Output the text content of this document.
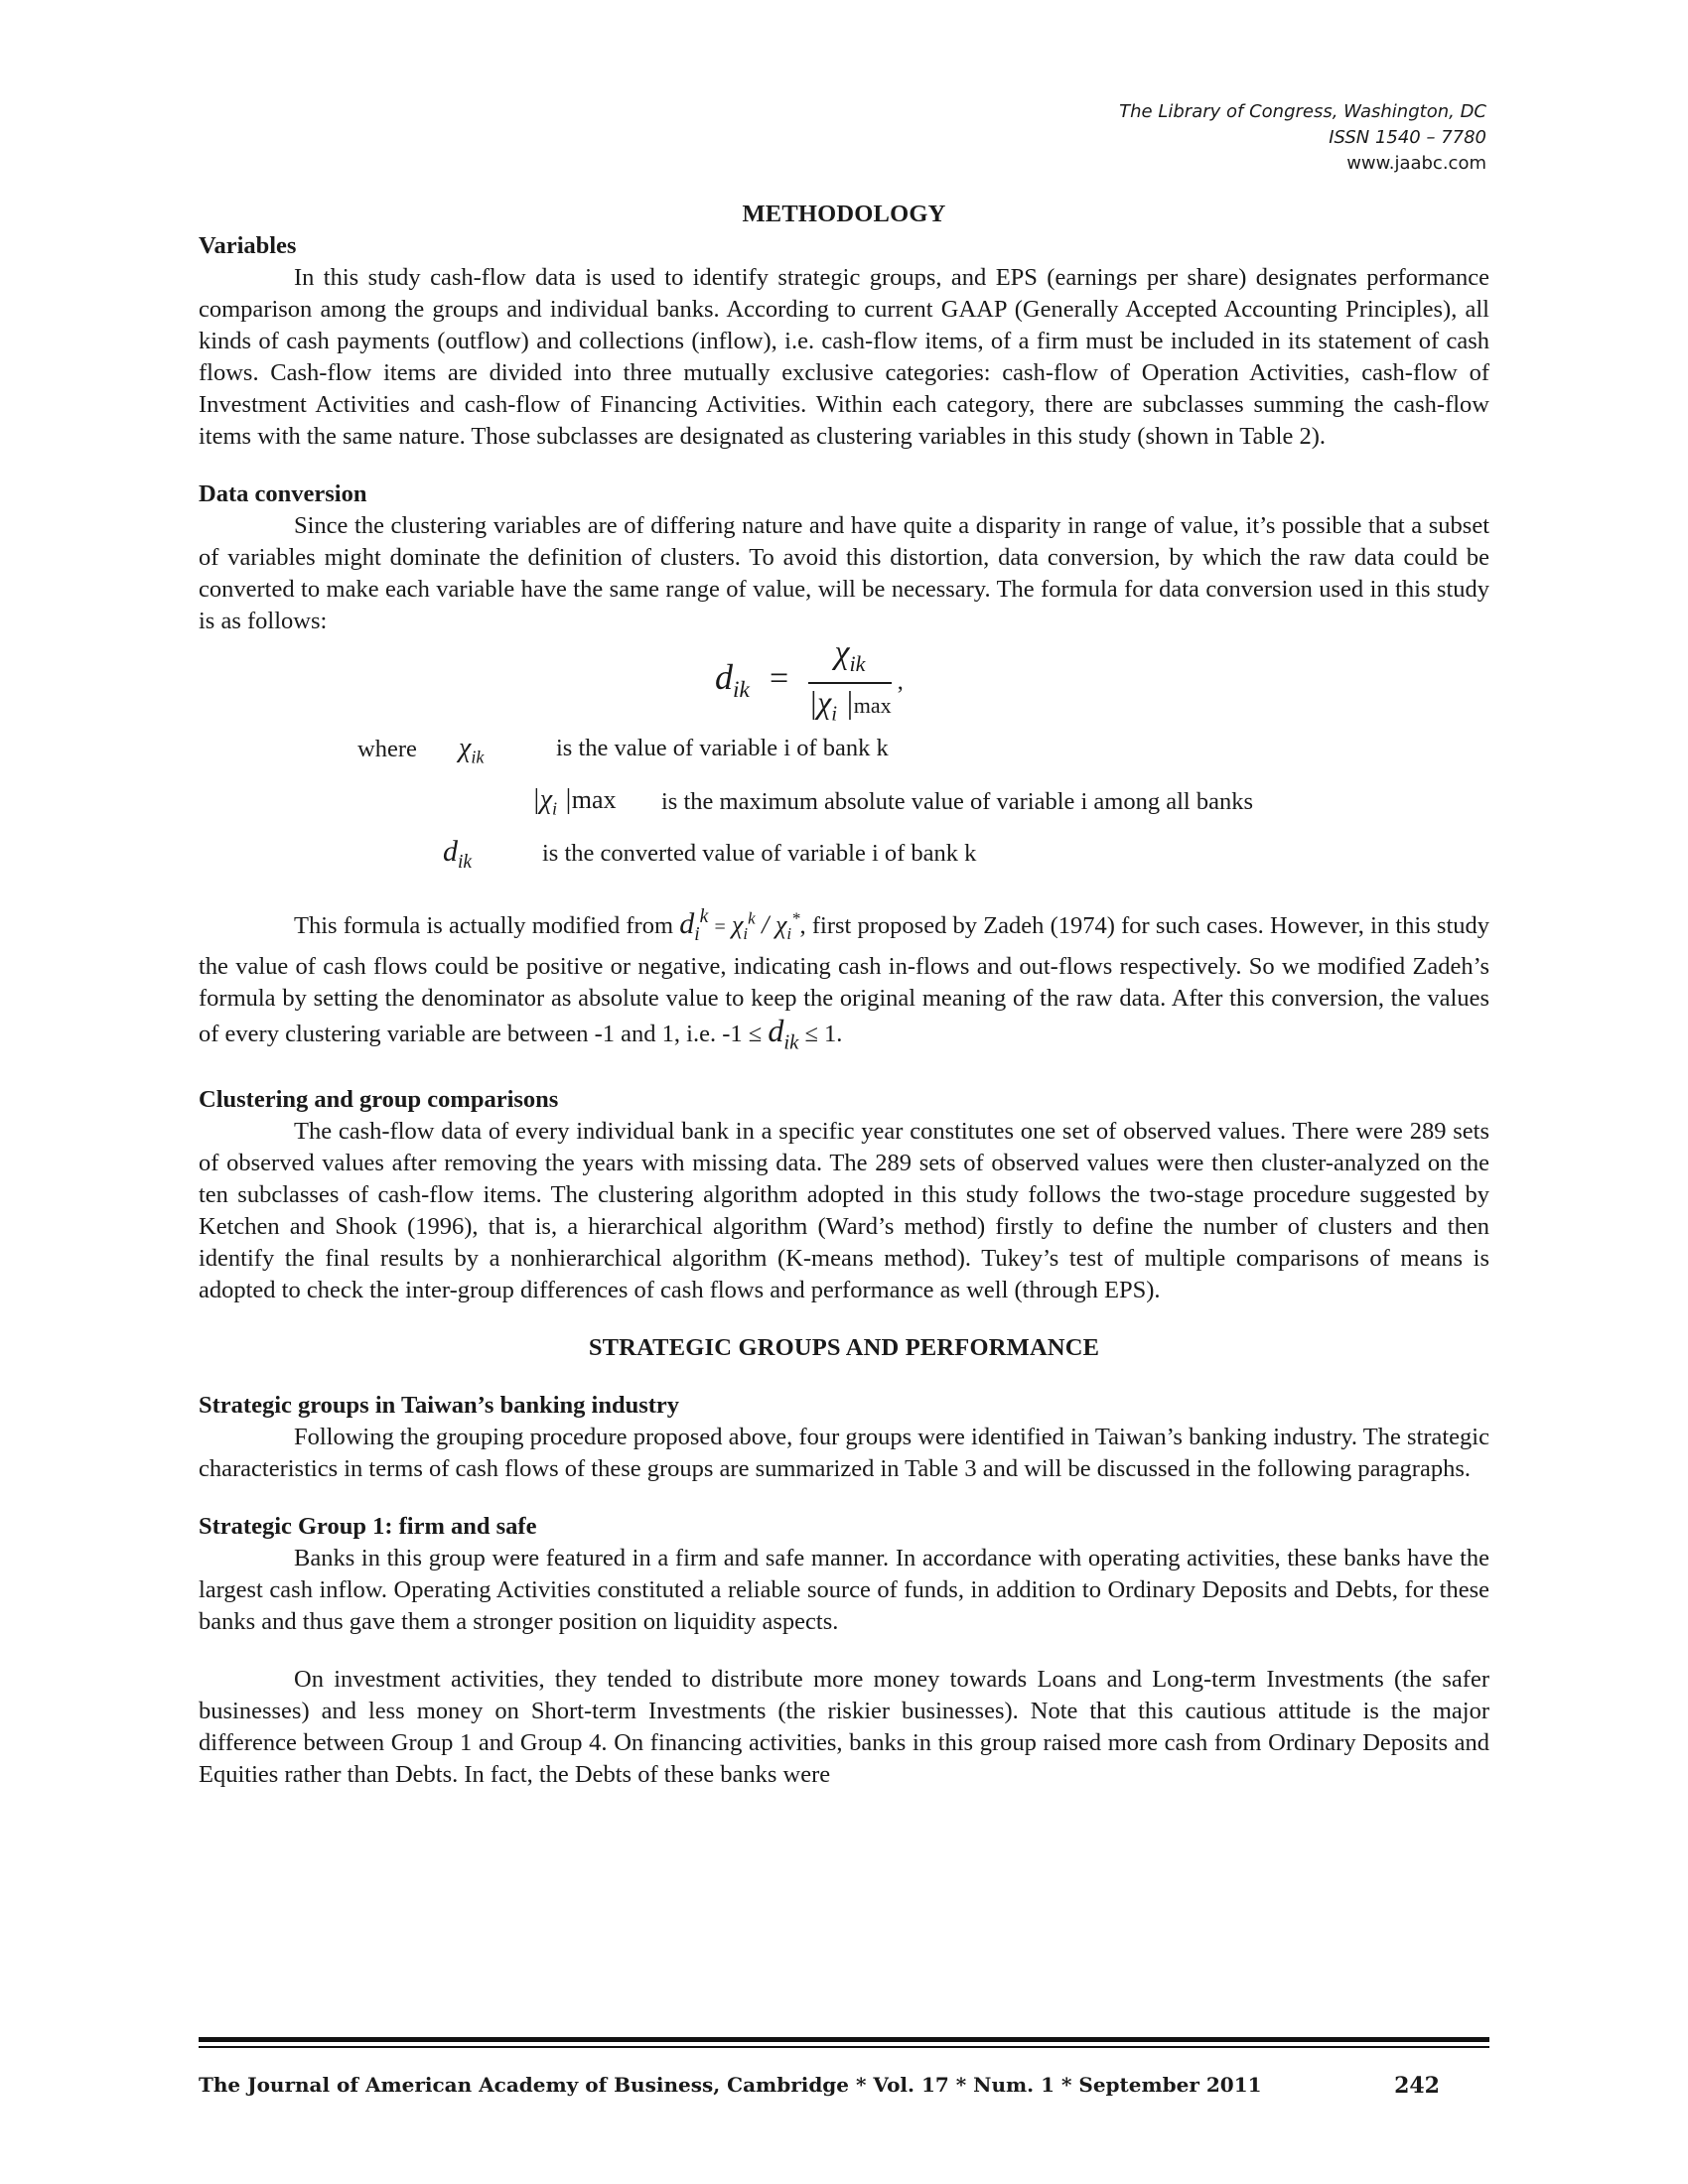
The Library of Congress, Washington, DC
ISSN 1540 – 7780
www.jaabc.com
METHODOLOGY
Variables

In this study cash-flow data is used to identify strategic groups, and EPS (earnings per share) designates performance comparison among the groups and individual banks. According to current GAAP (Generally Accepted Accounting Principles), all kinds of cash payments (outflow) and collections (inflow), i.e. cash-flow items, of a firm must be included in its statement of cash flows. Cash-flow items are divided into three mutually exclusive categories: cash-flow of Operation Activities, cash-flow of Investment Activities and cash-flow of Financing Activities. Within each category, there are subclasses summing the cash-flow items with the same nature. Those subclasses are designated as clustering variables in this study (shown in Table 2).

Data conversion

Since the clustering variables are of differing nature and have quite a disparity in range of value, it’s possible that a subset of variables might dominate the definition of clusters. To avoid this distortion, data conversion, by which the raw data could be converted to make each variable have the same range of value, will be necessary. The formula for data conversion used in this study is as follows:

$d_{ik} = \frac{\chi_{ik}}{|\chi_i |\max}$ ,
where $\chi_{ik}$	is the value of variable i of bank k
$|\chi_i$ |max is the maximum absolute value of variable i among all banks
$d_{ik}$	is the converted value of variable i of bank k

This formula is actually modified from $d_i^k = \chi_i^k / \chi_i^*$, first proposed by Zadeh (1974) for such cases. However, in this study the value of cash flows could be positive or negative, indicating cash in-flows and out-flows respectively. So we modified Zadeh’s formula by setting the denominator as absolute value to keep the original meaning of the raw data. After this conversion, the values of every clustering variable are between -1 and 1, i.e. $-1 \le d_{ik} \le 1$.

Clustering and group comparisons

The cash-flow data of every individual bank in a specific year constitutes one set of observed values. There were 289 sets of observed values after removing the years with missing data. The 289 sets of observed values were then cluster-analyzed on the ten subclasses of cash-flow items. The clustering algorithm adopted in this study follows the two-stage procedure suggested by Ketchen and Shook (1996), that is, a hierarchical algorithm (Ward’s method) firstly to define the number of clusters and then identify the final results by a nonhierarchical algorithm (K-means method). Tukey’s test of multiple comparisons of means is adopted to check the inter-group differences of cash flows and performance as well (through EPS).

STRATEGIC GROUPS AND PERFORMANCE
Strategic groups in Taiwan’s banking industry

Following the grouping procedure proposed above, four groups were identified in Taiwan’s banking industry. The strategic characteristics in terms of cash flows of these groups are summarized in Table 3 and will be discussed in the following paragraphs.

Strategic Group 1: firm and safe

Banks in this group were featured in a firm and safe manner. In accordance with operating activities, these banks have the largest cash inflow. Operating Activities constituted a reliable source of funds, in addition to Ordinary Deposits and Debts, for these banks and thus gave them a stronger position on liquidity aspects.

On investment activities, they tended to distribute more money towards Loans and Long-term Investments (the safer businesses) and less money on Short-term Investments (the riskier businesses). Note that this cautious attitude is the major difference between Group 1 and Group 4. On financing activities, banks in this group raised more cash from Ordinary Deposits and Equities rather than Debts. In fact, the Debts of these banks were

The Journal of American Academy of Business, Cambridge * Vol. 17 * Num. 1 * September 2011	242
